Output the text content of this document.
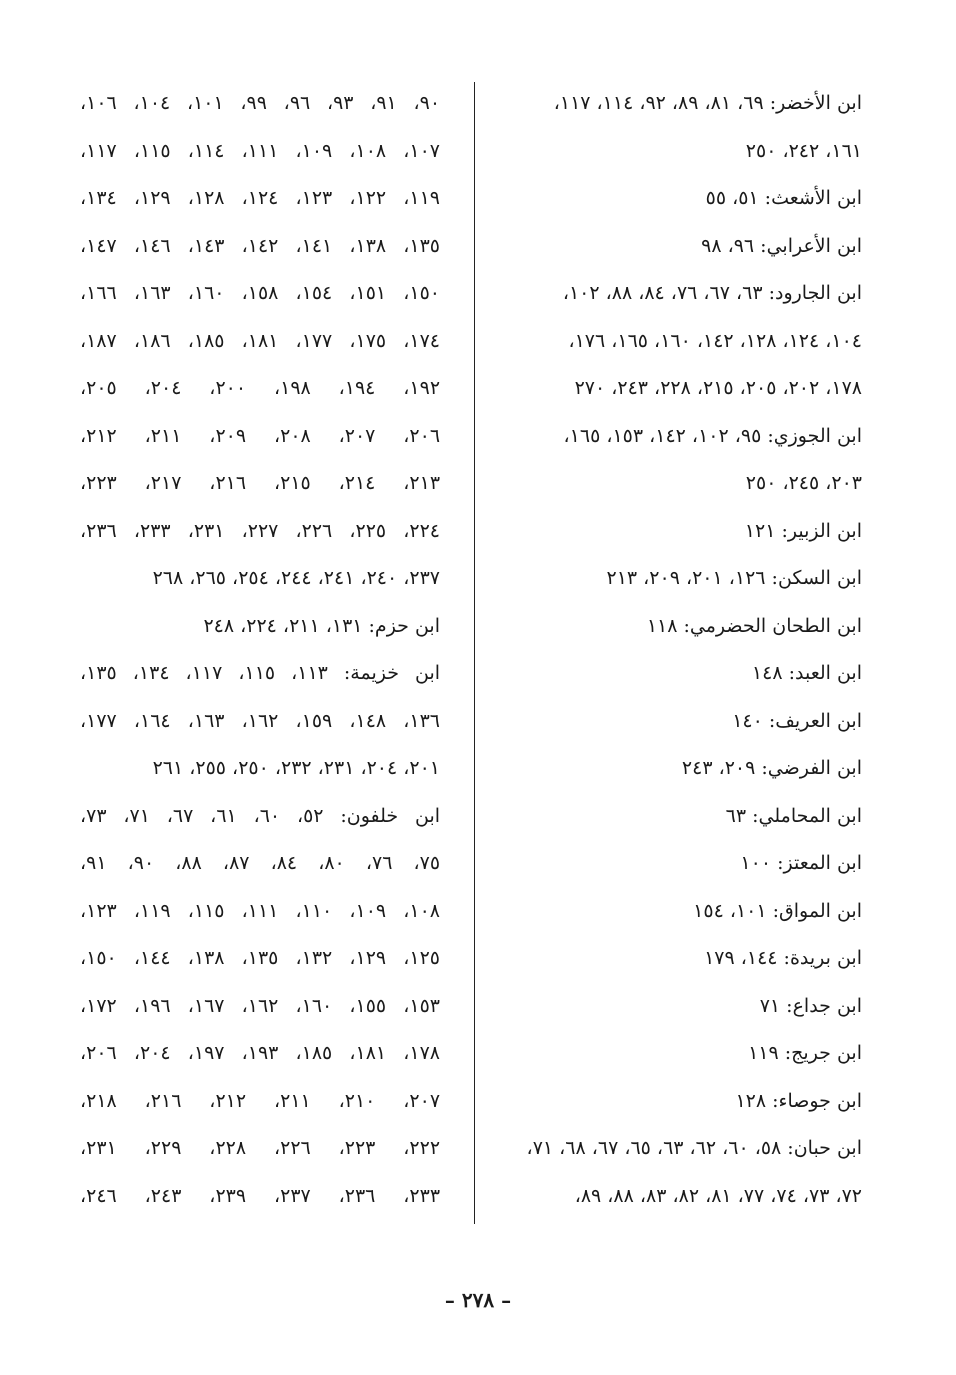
ابن الأخضر: ٦٩، ٨١، ٨٩، ٩٢، ١١٤، ١١٧،
١٦١، ٢٤٢، ٢٥٠
ابن الأشعث: ٥١، ٥٥
ابن الأعرابي: ٩٦، ٩٨
ابن الجارود: ٦٣، ٦٧، ٧٦، ٨٤، ٨٨، ١٠٢،
١٠٤، ١٢٤، ١٢٨، ١٤٢، ١٦٠، ١٦٥، ١٧٦،
١٧٨، ٢٠٢، ٢٠٥، ٢١٥، ٢٢٨، ٢٤٣، ٢٧٠
ابن الجوزي: ٩٥، ١٠٢، ١٤٢، ١٥٣، ١٦٥،
٢٠٣، ٢٤٥، ٢٥٠
ابن الزبير: ١٢١
ابن السكن: ١٢٦، ٢٠١، ٢٠٩، ٢١٣
ابن الطحان الحضرمي: ١١٨
ابن العبد: ١٤٨
ابن العريف: ١٤٠
ابن الفرضي: ٢٠٩، ٢٤٣
ابن المحاملي: ٦٣
ابن المعتز: ١٠٠
ابن المواق: ١٠١، ١٥٤
ابن بريدة: ١٤٤، ١٧٩
ابن جداع: ٧١
ابن جريج: ١١٩
ابن جوصاء: ١٢٨
ابن حبان: ٥٨، ٦٠، ٦٢، ٦٣، ٦٥، ٦٧، ٦٨، ٧١،
٧٢، ٧٣، ٧٤، ٧٧، ٨١، ٨٢، ٨٣، ٨٨، ٨٩،
٩٠، ٩١، ٩٣، ٩٦، ٩٩، ١٠١، ١٠٤، ١٠٦،
١٠٧، ١٠٨، ١٠٩، ١١١، ١١٤، ١١٥، ١١٧،
١١٩، ١٢٢، ١٢٣، ١٢٤، ١٢٨، ١٢٩، ١٣٤،
١٣٥، ١٣٨، ١٤١، ١٤٢، ١٤٣، ١٤٦، ١٤٧،
١٥٠، ١٥١، ١٥٤، ١٥٨، ١٦٠، ١٦٣، ١٦٦،
١٧٤، ١٧٥، ١٧٧، ١٨١، ١٨٥، ١٨٦، ١٨٧،
١٩٢، ١٩٤، ١٩٨، ٢٠٠، ٢٠٤، ٢٠٥،
٢٠٦، ٢٠٧، ٢٠٨، ٢٠٩، ٢١١، ٢١٢،
٢١٣، ٢١٤، ٢١٥، ٢١٦، ٢١٧، ٢٢٣،
٢٢٤، ٢٢٥، ٢٢٦، ٢٢٧، ٢٣١، ٢٣٣، ٢٣٦،
٢٣٧، ٢٤٠، ٢٤١، ٢٤٤، ٢٥٤، ٢٦٥، ٢٦٨
ابن حزم: ١٣١، ٢١١، ٢٢٤، ٢٤٨
ابن خزيمة: ١١٣، ١١٥، ١١٧، ١٣٤، ١٣٥،
١٣٦، ١٤٨، ١٥٩، ١٦٢، ١٦٣، ١٦٤، ١٧٧،
٢٠١، ٢٠٤، ٢٣١، ٢٣٢، ٢٥٠، ٢٥٥، ٢٦١
ابن خلفون: ٥٢، ٦٠، ٦١، ٦٧، ٧١، ٧٣،
٧٥، ٧٦، ٨٠، ٨٤، ٨٧، ٨٨، ٩٠، ٩١،
١٠٨، ١٠٩، ١١٠، ١١١، ١١٥، ١١٩، ١٢٣،
١٢٥، ١٢٩، ١٣٢، ١٣٥، ١٣٨، ١٤٤، ١٥٠،
١٥٣، ١٥٥، ١٦٠، ١٦٢، ١٦٧، ١٩٦، ١٧٢،
١٧٨، ١٨١، ١٨٥، ١٩٣، ١٩٧، ٢٠٤، ٢٠٦،
٢٠٧، ٢١٠، ٢١١، ٢١٢، ٢١٦، ٢١٨،
٢٢٢، ٢٢٣، ٢٢٦، ٢٢٨، ٢٢٩، ٢٣١،
٢٣٣، ٢٣٦، ٢٣٧، ٢٣٩، ٢٤٣، ٢٤٦،
– ٢٧٨ –
